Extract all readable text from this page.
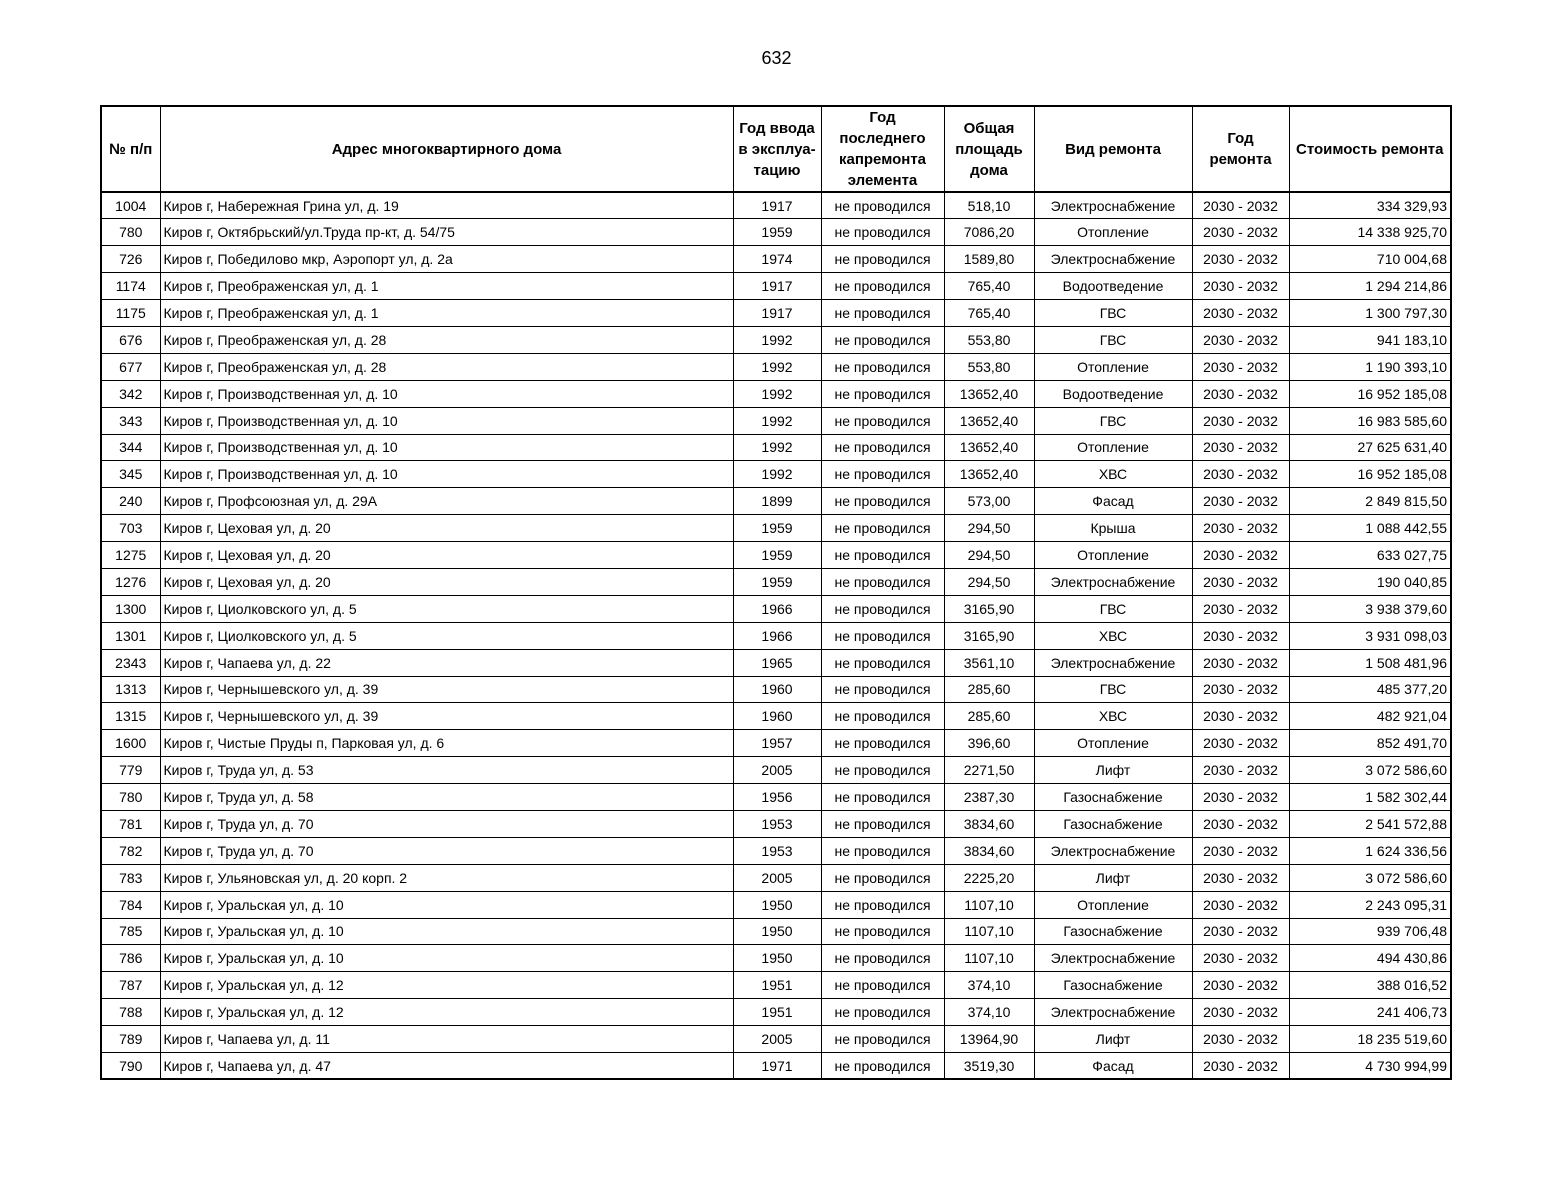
632
№ п/п	Адрес многоквартирного дома	Год ввода в эксплуа- тацию	Год последнего капремонта элемента	Общая площадь дома	Вид ремонта	Год ремонта	Стоимость ремонта
1004	Киров г, Набережная Грина ул, д. 19	1917	не проводился	518,10	Электроснабжение	2030 - 2032	334 329,93
780	Киров г, Октябрьский/ул.Труда пр-кт, д. 54/75	1959	не проводился	7086,20	Отопление	2030 - 2032	14 338 925,70
726	Киров г, Победилово мкр, Аэропорт ул, д. 2а	1974	не проводился	1589,80	Электроснабжение	2030 - 2032	710 004,68
1174	Киров г, Преображенская ул, д. 1	1917	не проводился	765,40	Водоотведение	2030 - 2032	1 294 214,86
1175	Киров г, Преображенская ул, д. 1	1917	не проводился	765,40	ГВС	2030 - 2032	1 300 797,30
676	Киров г, Преображенская ул, д. 28	1992	не проводился	553,80	ГВС	2030 - 2032	941 183,10
677	Киров г, Преображенская ул, д. 28	1992	не проводился	553,80	Отопление	2030 - 2032	1 190 393,10
342	Киров г, Производственная ул, д. 10	1992	не проводился	13652,40	Водоотведение	2030 - 2032	16 952 185,08
343	Киров г, Производственная ул, д. 10	1992	не проводился	13652,40	ГВС	2030 - 2032	16 983 585,60
344	Киров г, Производственная ул, д. 10	1992	не проводился	13652,40	Отопление	2030 - 2032	27 625 631,40
345	Киров г, Производственная ул, д. 10	1992	не проводился	13652,40	ХВС	2030 - 2032	16 952 185,08
240	Киров г, Профсоюзная ул, д. 29А	1899	не проводился	573,00	Фасад	2030 - 2032	2 849 815,50
703	Киров г, Цеховая ул, д. 20	1959	не проводился	294,50	Крыша	2030 - 2032	1 088 442,55
1275	Киров г, Цеховая ул, д. 20	1959	не проводился	294,50	Отопление	2030 - 2032	633 027,75
1276	Киров г, Цеховая ул, д. 20	1959	не проводился	294,50	Электроснабжение	2030 - 2032	190 040,85
1300	Киров г, Циолковского ул, д. 5	1966	не проводился	3165,90	ГВС	2030 - 2032	3 938 379,60
1301	Киров г, Циолковского ул, д. 5	1966	не проводился	3165,90	ХВС	2030 - 2032	3 931 098,03
2343	Киров г, Чапаева ул, д. 22	1965	не проводился	3561,10	Электроснабжение	2030 - 2032	1 508 481,96
1313	Киров г, Чернышевского ул, д. 39	1960	не проводился	285,60	ГВС	2030 - 2032	485 377,20
1315	Киров г, Чернышевского ул, д. 39	1960	не проводился	285,60	ХВС	2030 - 2032	482 921,04
1600	Киров г, Чистые Пруды п, Парковая ул, д. 6	1957	не проводился	396,60	Отопление	2030 - 2032	852 491,70
779	Киров г, Труда ул, д. 53	2005	не проводился	2271,50	Лифт	2030 - 2032	3 072 586,60
780	Киров г, Труда ул, д. 58	1956	не проводился	2387,30	Газоснабжение	2030 - 2032	1 582 302,44
781	Киров г, Труда ул, д. 70	1953	не проводился	3834,60	Газоснабжение	2030 - 2032	2 541 572,88
782	Киров г, Труда ул, д. 70	1953	не проводился	3834,60	Электроснабжение	2030 - 2032	1 624 336,56
783	Киров г, Ульяновская ул, д. 20 корп. 2	2005	не проводился	2225,20	Лифт	2030 - 2032	3 072 586,60
784	Киров г, Уральская ул, д. 10	1950	не проводился	1107,10	Отопление	2030 - 2032	2 243 095,31
785	Киров г, Уральская ул, д. 10	1950	не проводился	1107,10	Газоснабжение	2030 - 2032	939 706,48
786	Киров г, Уральская ул, д. 10	1950	не проводился	1107,10	Электроснабжение	2030 - 2032	494 430,86
787	Киров г, Уральская ул, д. 12	1951	не проводился	374,10	Газоснабжение	2030 - 2032	388 016,52
788	Киров г, Уральская ул, д. 12	1951	не проводился	374,10	Электроснабжение	2030 - 2032	241 406,73
789	Киров г, Чапаева ул, д. 11	2005	не проводился	13964,90	Лифт	2030 - 2032	18 235 519,60
790	Киров г, Чапаева ул, д. 47	1971	не проводился	3519,30	Фасад	2030 - 2032	4 730 994,99
